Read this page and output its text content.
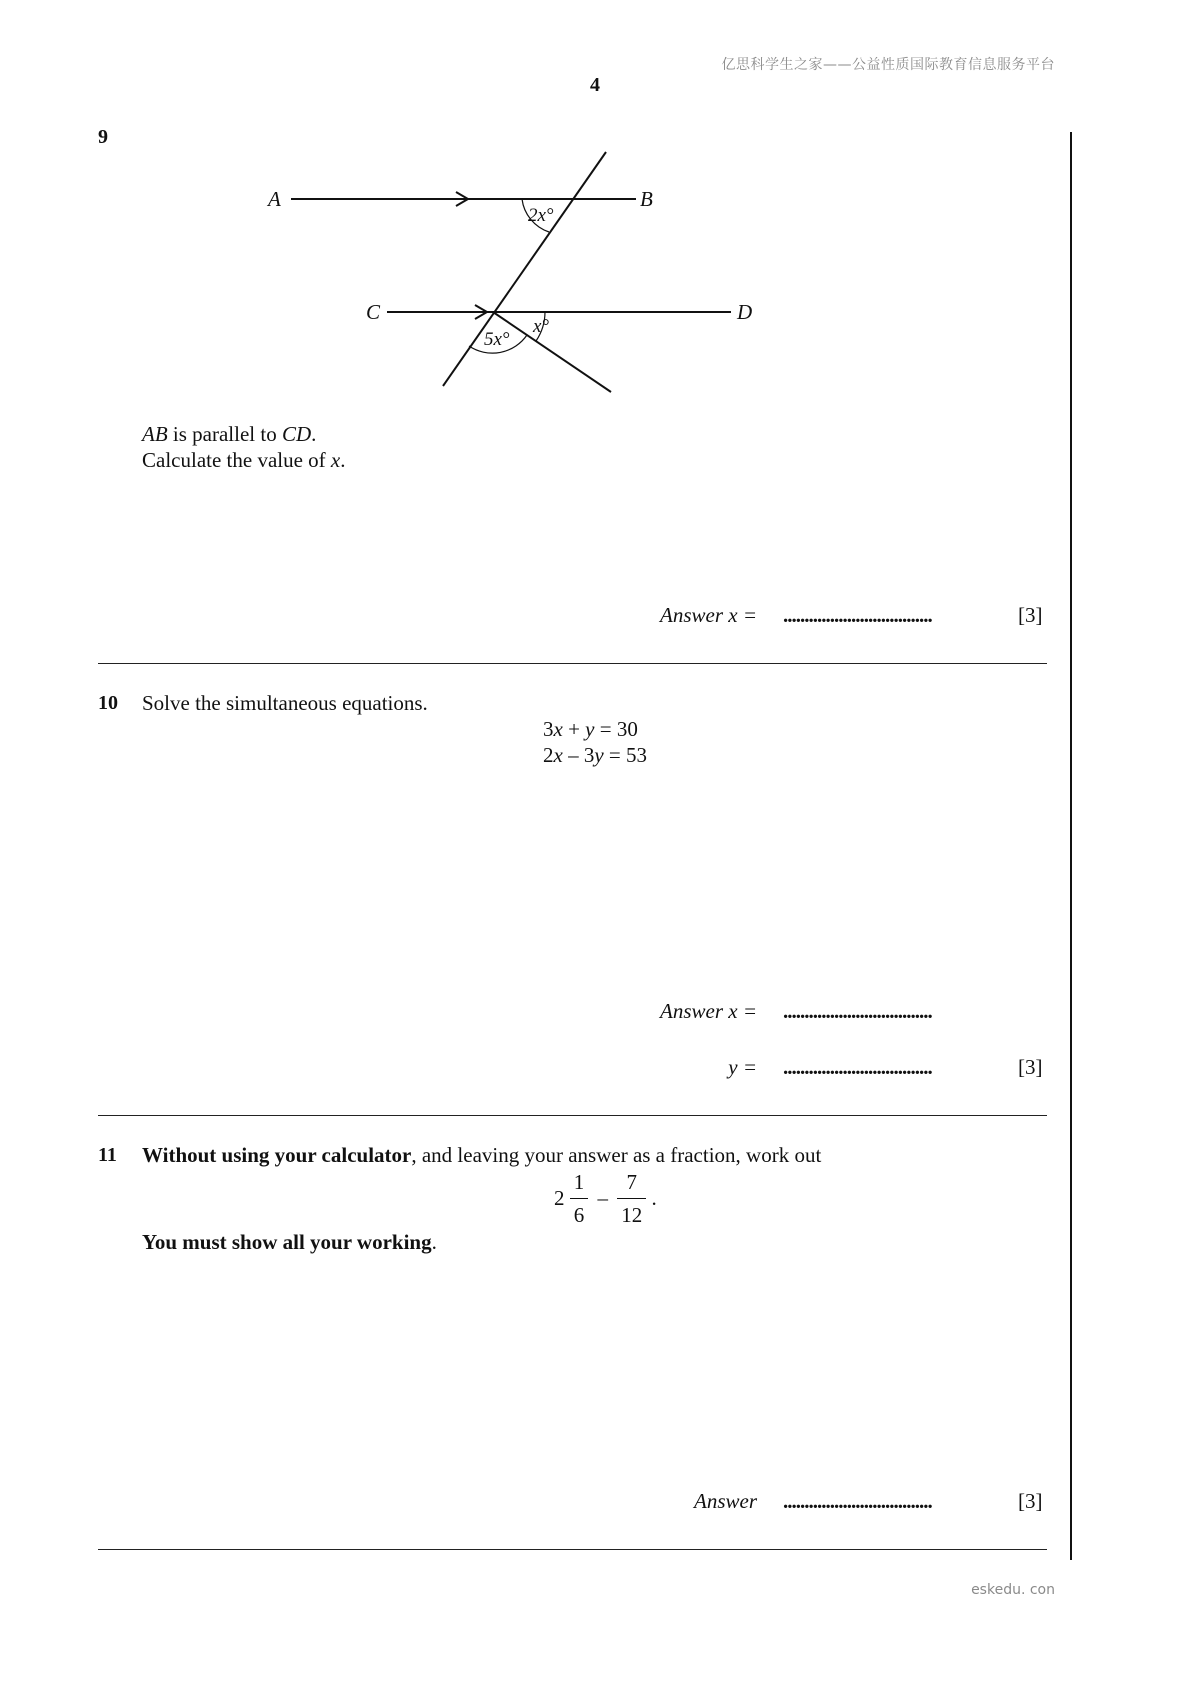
亿思科学生之家——公益性质国际教育信息服务平台
4
9
A	B
C	D
2x°
5x°
x°
AB is parallel to CD.
Calculate the value of x.
Answer x = ...................................	[3]
10 Solve the simultaneous equations.
3x + y = 30
2x – 3y = 53
Answer x = ...................................
y = ...................................	[3]
11 Without using your calculator, and leaving your answer as a fraction, work out
$2 \frac{1}{6} - \frac{7}{12}$ .
You must show all your working.
Answer ...................................	[3]
eskedu. con
